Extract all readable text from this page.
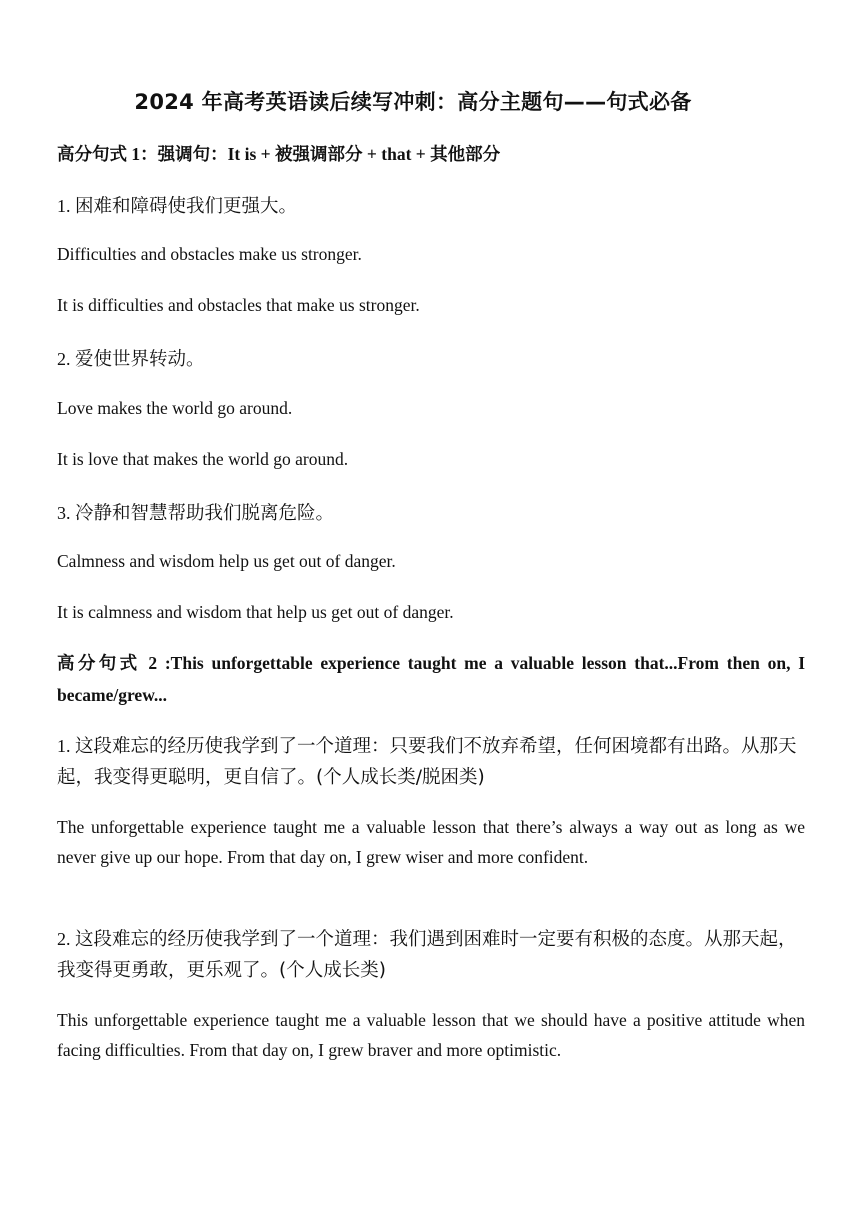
2024 年高考英语读后续写冲刺：高分主题句——句式必备
高分句式 1：强调句：It is + 被强调部分 + that + 其他部分
1. 困难和障碍使我们更强大。
Difficulties and obstacles make us stronger.
It is difficulties and obstacles that make us stronger.
2. 爱使世界转动。
Love makes the world go around.
It is love that makes the world go around.
3. 冷静和智慧帮助我们脱离危险。
Calmness and wisdom help us get out of danger.
It is calmness and wisdom that help us get out of danger.
高分句式 2 :This unforgettable experience taught me a valuable lesson that...From then on, I became/grew...
1. 这段难忘的经历使我学到了一个道理：只要我们不放弃希望，任何困境都有出路。从那天起，我变得更聪明，更自信了。(个人成长类/脱困类)
The unforgettable experience taught me a valuable lesson that there’s always a way out as long as we never give up our hope. From that day on, I grew wiser and more confident.
2. 这段难忘的经历使我学到了一个道理：我们遇到困难时一定要有积极的态度。从那天起，我变得更勇敢，更乐观了。(个人成长类)
This unforgettable experience taught me a valuable lesson that we should have a positive attitude when facing difficulties. From that day on, I grew braver and more optimistic.
